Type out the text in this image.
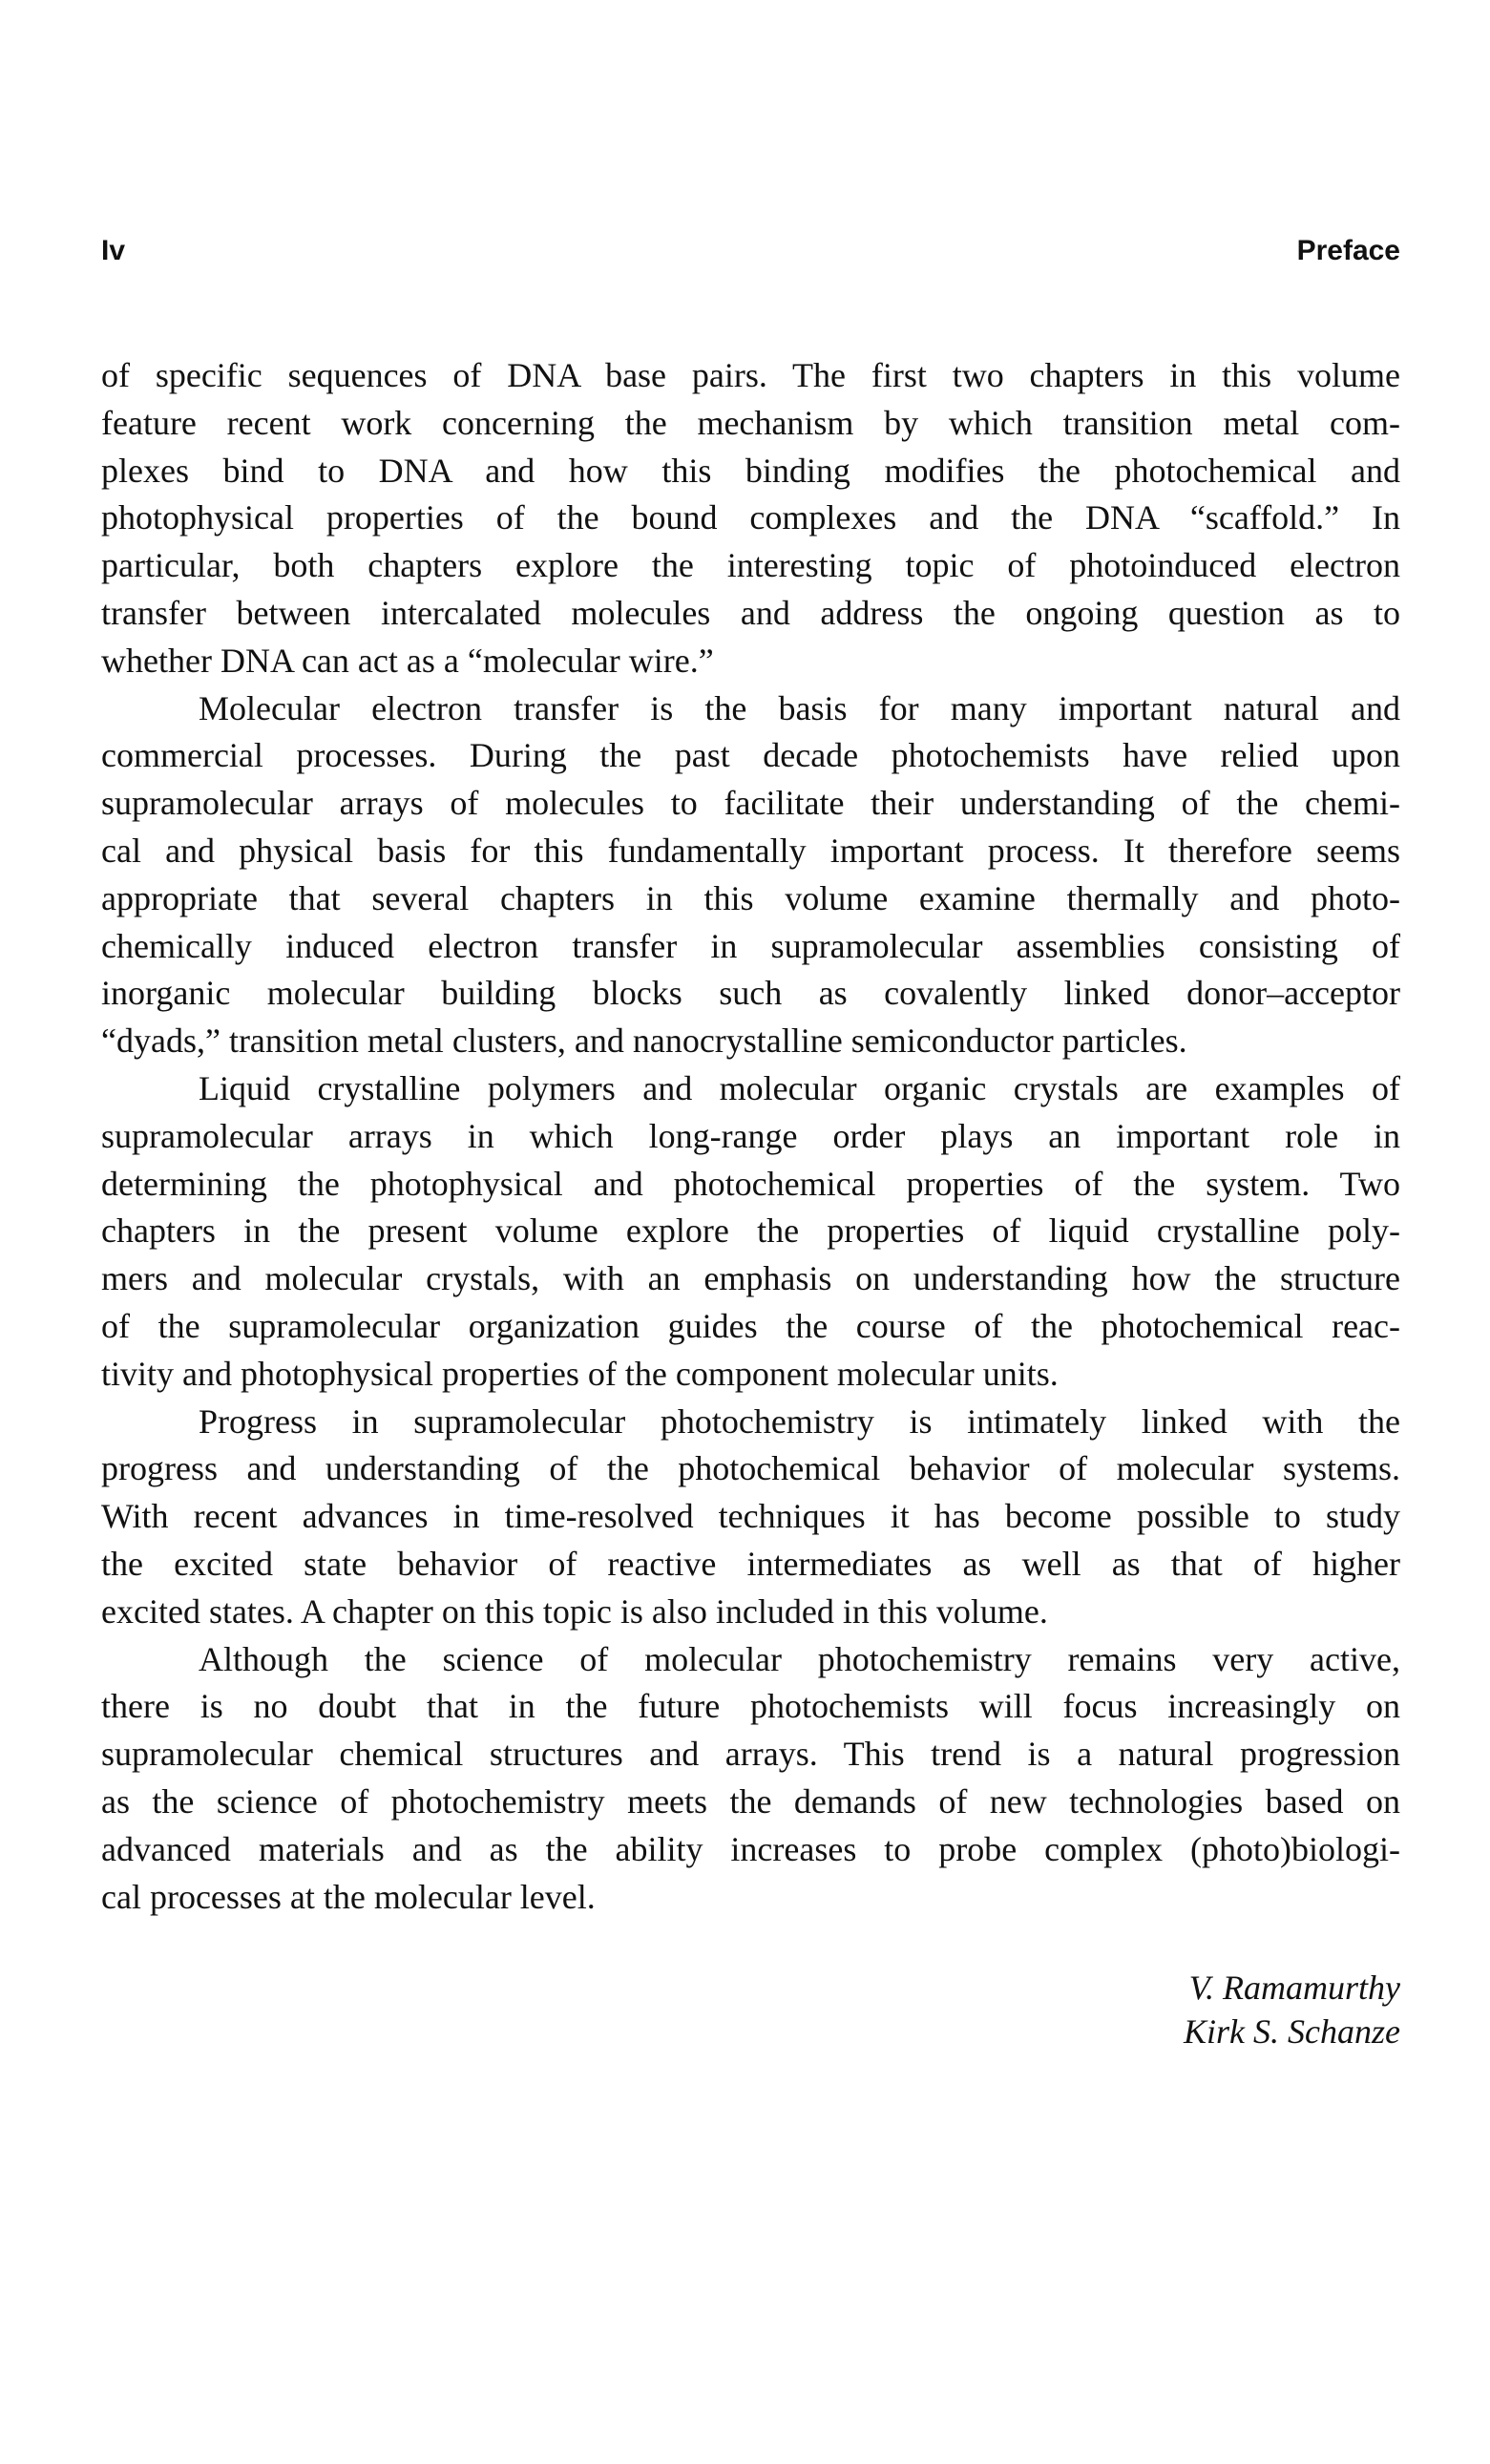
Iv	Preface
of specific sequences of DNA base pairs. The first two chapters in this volume
feature recent work concerning the mechanism by which transition metal com-
plexes bind to DNA and how this binding modifies the photochemical and
photophysical properties of the bound complexes and the DNA “scaffold.” In
particular, both chapters explore the interesting topic of photoinduced electron
transfer between intercalated molecules and address the ongoing question as to
whether DNA can act as a “molecular wire.”
Molecular electron transfer is the basis for many important natural and
commercial processes. During the past decade photochemists have relied upon
supramolecular arrays of molecules to facilitate their understanding of the chemi-
cal and physical basis for this fundamentally important process. It therefore seems
appropriate that several chapters in this volume examine thermally and photo-
chemically induced electron transfer in supramolecular assemblies consisting of
inorganic molecular building blocks such as covalently linked donor–acceptor
“dyads,” transition metal clusters, and nanocrystalline semiconductor particles.
Liquid crystalline polymers and molecular organic crystals are examples of
supramolecular arrays in which long-range order plays an important role in
determining the photophysical and photochemical properties of the system. Two
chapters in the present volume explore the properties of liquid crystalline poly-
mers and molecular crystals, with an emphasis on understanding how the structure
of the supramolecular organization guides the course of the photochemical reac-
tivity and photophysical properties of the component molecular units.
Progress in supramolecular photochemistry is intimately linked with the
progress and understanding of the photochemical behavior of molecular systems.
With recent advances in time-resolved techniques it has become possible to study
the excited state behavior of reactive intermediates as well as that of higher
excited states. A chapter on this topic is also included in this volume.
Although the science of molecular photochemistry remains very active,
there is no doubt that in the future photochemists will focus increasingly on
supramolecular chemical structures and arrays. This trend is a natural progression
as the science of photochemistry meets the demands of new technologies based on
advanced materials and as the ability increases to probe complex (photo)biologi-
cal processes at the molecular level.
V. Ramamurthy
Kirk S. Schanze
